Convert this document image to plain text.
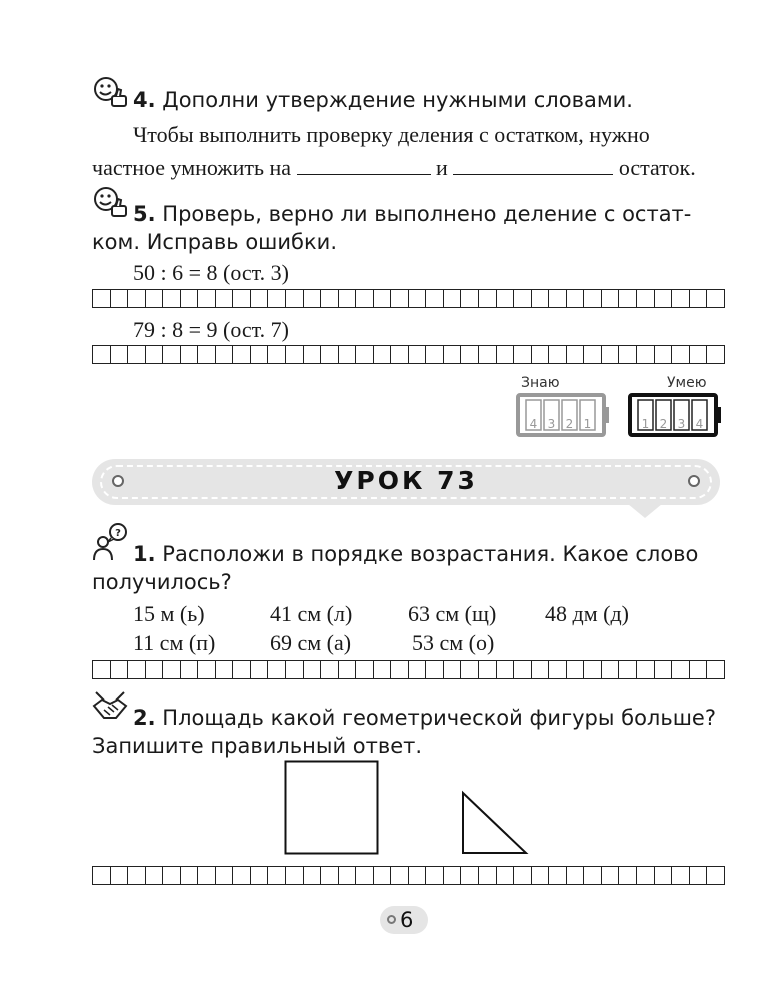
4. Дополни утверждение нужными словами.
Чтобы выполнить проверку деления с остатком, нужно
частное умножить на	и	остаток.
5. Проверь, верно ли выполнено деление с остат-
ком. Исправь ошибки.
50 : 6 = 8 (ост. 3)
79 : 8 = 9 (ост. 7)
Знаю	Умею
4 3 2 1	1 2 3 4
УРОК 73
?
1. Расположи в порядке возрастания. Какое слово
получилось?
15 м (ь)	41 см (л)	63 см (щ) 48 дм (д)
11 см (п) 69 см (а)	53 см (о)
2. Площадь какой геометрической фигуры больше?
Запишите правильный ответ.
6
